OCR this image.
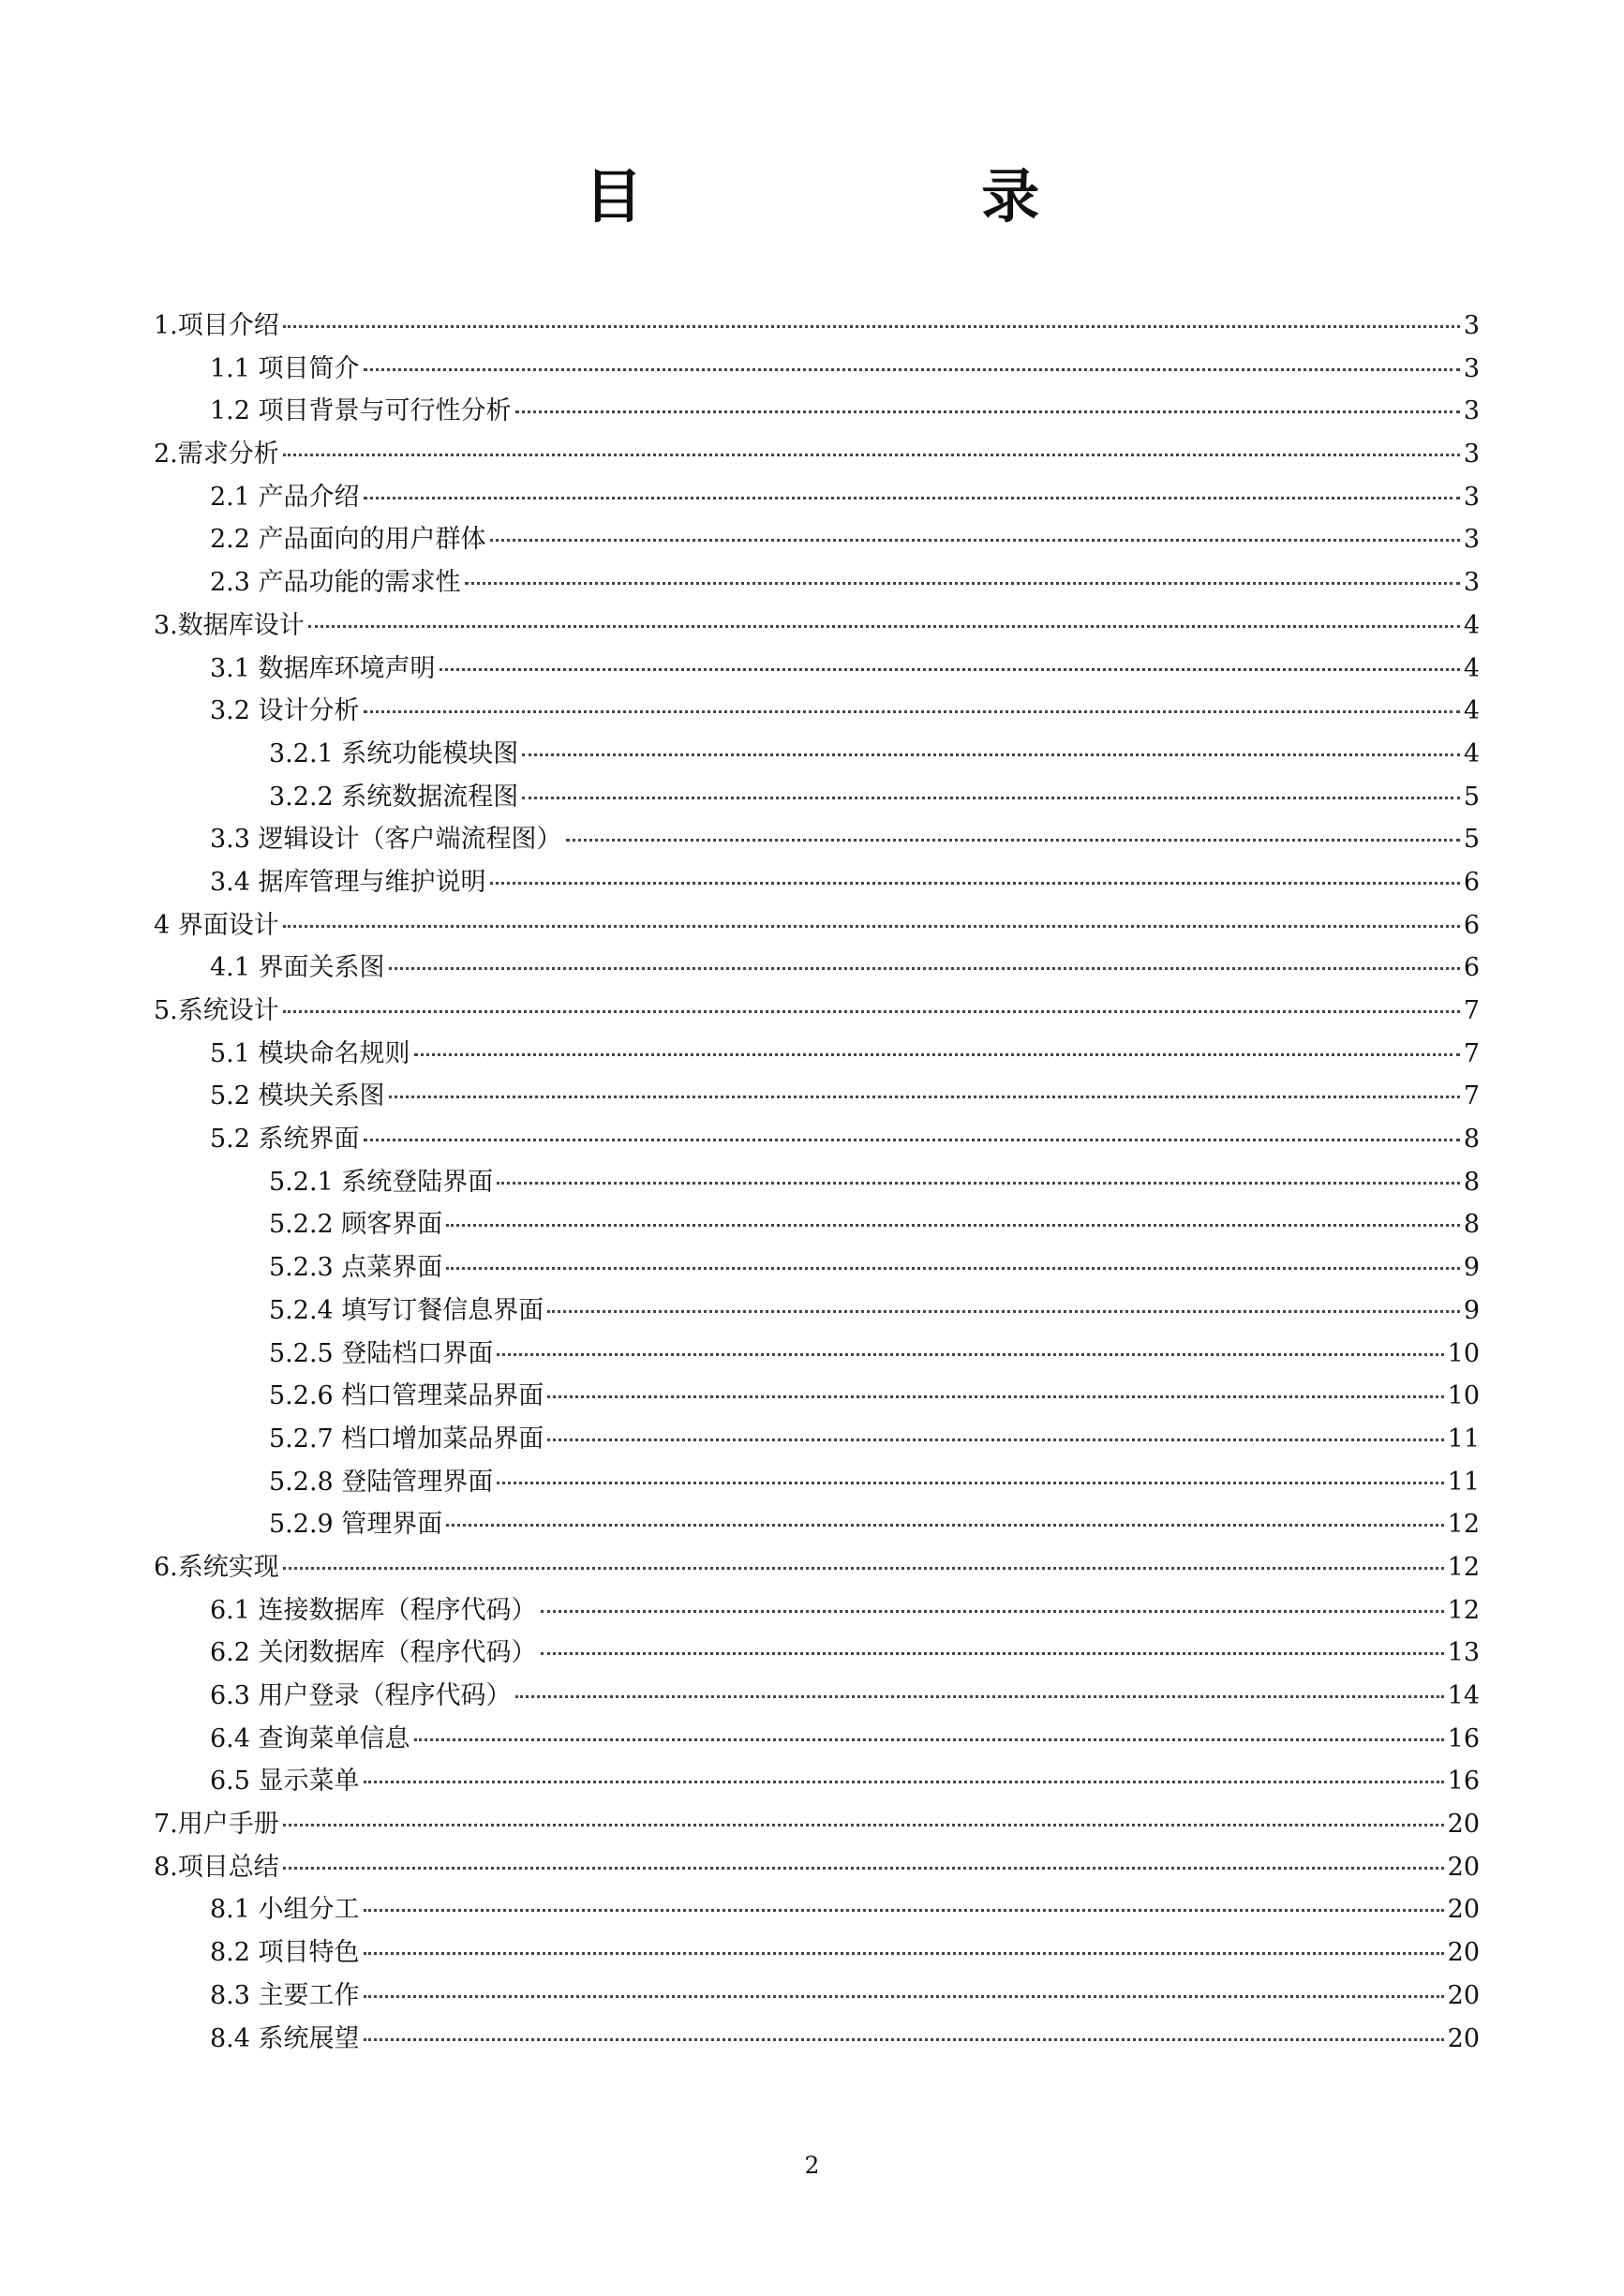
目 录
1.项目介绍	3
1.1 项目简介	3
1.2 项目背景与可行性分析	3
2.需求分析	3
2.1 产品介绍	3
2.2 产品面向的用户群体	3
2.3 产品功能的需求性	3
3.数据库设计	4
3.1 数据库环境声明	4
3.2 设计分析	4
3.2.1 系统功能模块图	4
3.2.2 系统数据流程图	5
3.3 逻辑设计（客户端流程图）	5
3.4 据库管理与维护说明	6
4 界面设计	6
4.1 界面关系图	6
5.系统设计	7
5.1 模块命名规则	7
5.2 模块关系图	7
5.2 系统界面	8
5.2.1 系统登陆界面	8
5.2.2 顾客界面	8
5.2.3 点菜界面	9
5.2.4 填写订餐信息界面	9
5.2.5 登陆档口界面	10
5.2.6 档口管理菜品界面	10
5.2.7 档口增加菜品界面	11
5.2.8 登陆管理界面	11
5.2.9 管理界面	12
6.系统实现	12
6.1 连接数据库（程序代码）	12
6.2 关闭数据库（程序代码）	13
6.3 用户登录（程序代码）	14
6.4 查询菜单信息	16
6.5 显示菜单	16
7.用户手册	20
8.项目总结	20
8.1 小组分工	20
8.2 项目特色	20
8.3 主要工作	20
8.4 系统展望	20
2
